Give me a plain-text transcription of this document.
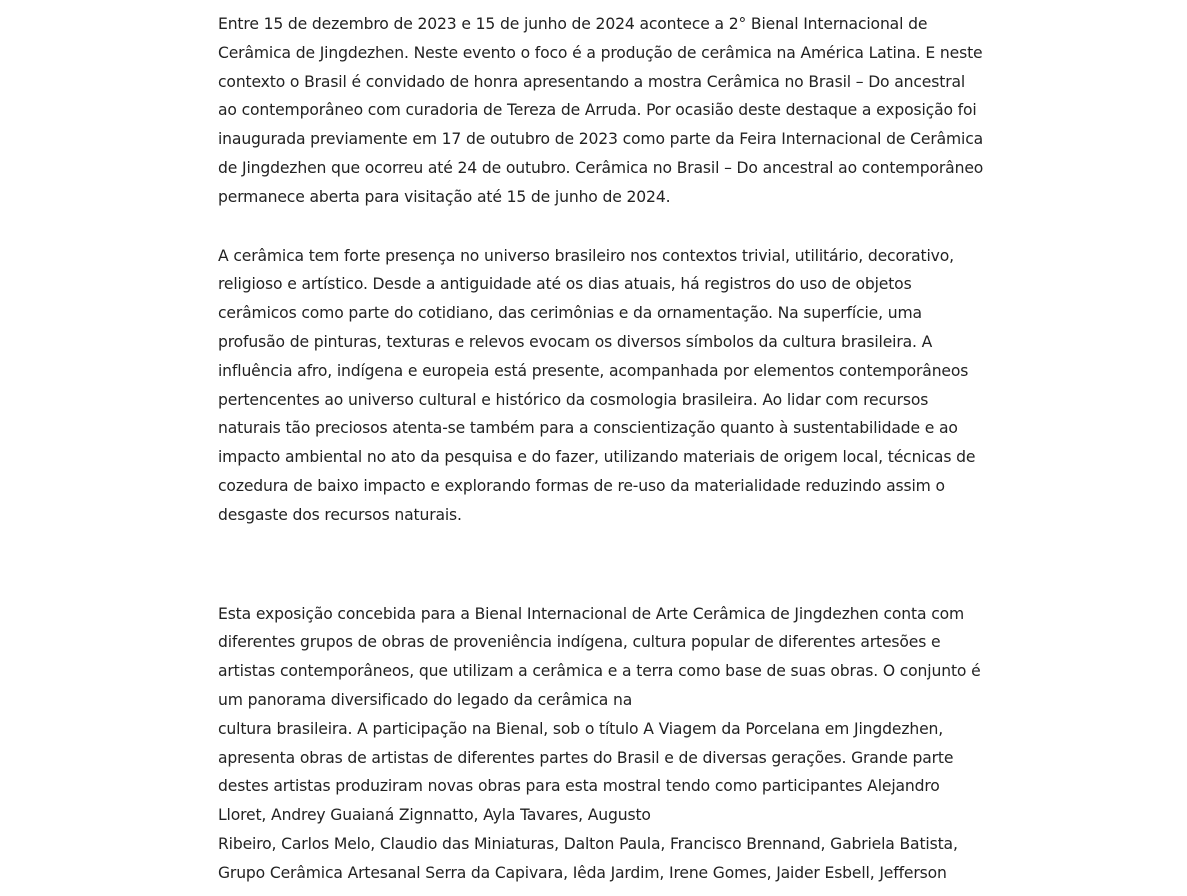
Entre 15 de dezembro de 2023 e 15 de junho de 2024 acontece a 2° Bienal Internacional de
Cerâmica de Jingdezhen. Neste evento o foco é a produção de cerâmica na América Latina. E neste
contexto o Brasil é convidado de honra apresentando a mostra Cerâmica no Brasil – Do ancestral
ao contemporâneo com curadoria de Tereza de Arruda. Por ocasião deste destaque a exposição foi
inaugurada previamente em 17 de outubro de 2023 como parte da Feira Internacional de Cerâmica
de Jingdezhen que ocorreu até 24 de outubro. Cerâmica no Brasil – Do ancestral ao contemporâneo
permanece aberta para visitação até 15 de junho de 2024.

A cerâmica tem forte presença no universo brasileiro nos contextos trivial, utilitário, decorativo,
religioso e artístico. Desde a antiguidade até os dias atuais, há registros do uso de objetos
cerâmicos como parte do cotidiano, das cerimônias e da ornamentação. Na superfície, uma
profusão de pinturas, texturas e relevos evocam os diversos símbolos da cultura brasileira. A
influência afro, indígena e europeia está presente, acompanhada por elementos contemporâneos
pertencentes ao universo cultural e histórico da cosmologia brasileira. Ao lidar com recursos
naturais tão preciosos atenta-se também para a conscientização quanto à sustentabilidade e ao
impacto ambiental no ato da pesquisa e do fazer, utilizando materiais de origem local, técnicas de
cozedura de baixo impacto e explorando formas de re-uso da materialidade reduzindo assim o
desgaste dos recursos naturais.

Esta exposição concebida para a Bienal Internacional de Arte Cerâmica de Jingdezhen conta com
diferentes grupos de obras de proveniência indígena, cultura popular de diferentes artesões e
artistas contemporâneos, que utilizam a cerâmica e a terra como base de suas obras. O conjunto é
um panorama diversificado do legado da cerâmica na
cultura brasileira. A participação na Bienal, sob o título A Viagem da Porcelana em Jingdezhen,
apresenta obras de artistas de diferentes partes do Brasil e de diversas gerações. Grande parte
destes artistas produziram novas obras para esta mostral tendo como participantes Alejandro
Lloret, Andrey Guaianá Zignnatto, Ayla Tavares, Augusto
Ribeiro, Carlos Melo, Claudio das Miniaturas, Dalton Paula, Francisco Brennand, Gabriela Batista,
Grupo Cerâmica Artesanal Serra da Capivara, Iêda Jardim, Irene Gomes, Jaider Esbell, Jefferson
